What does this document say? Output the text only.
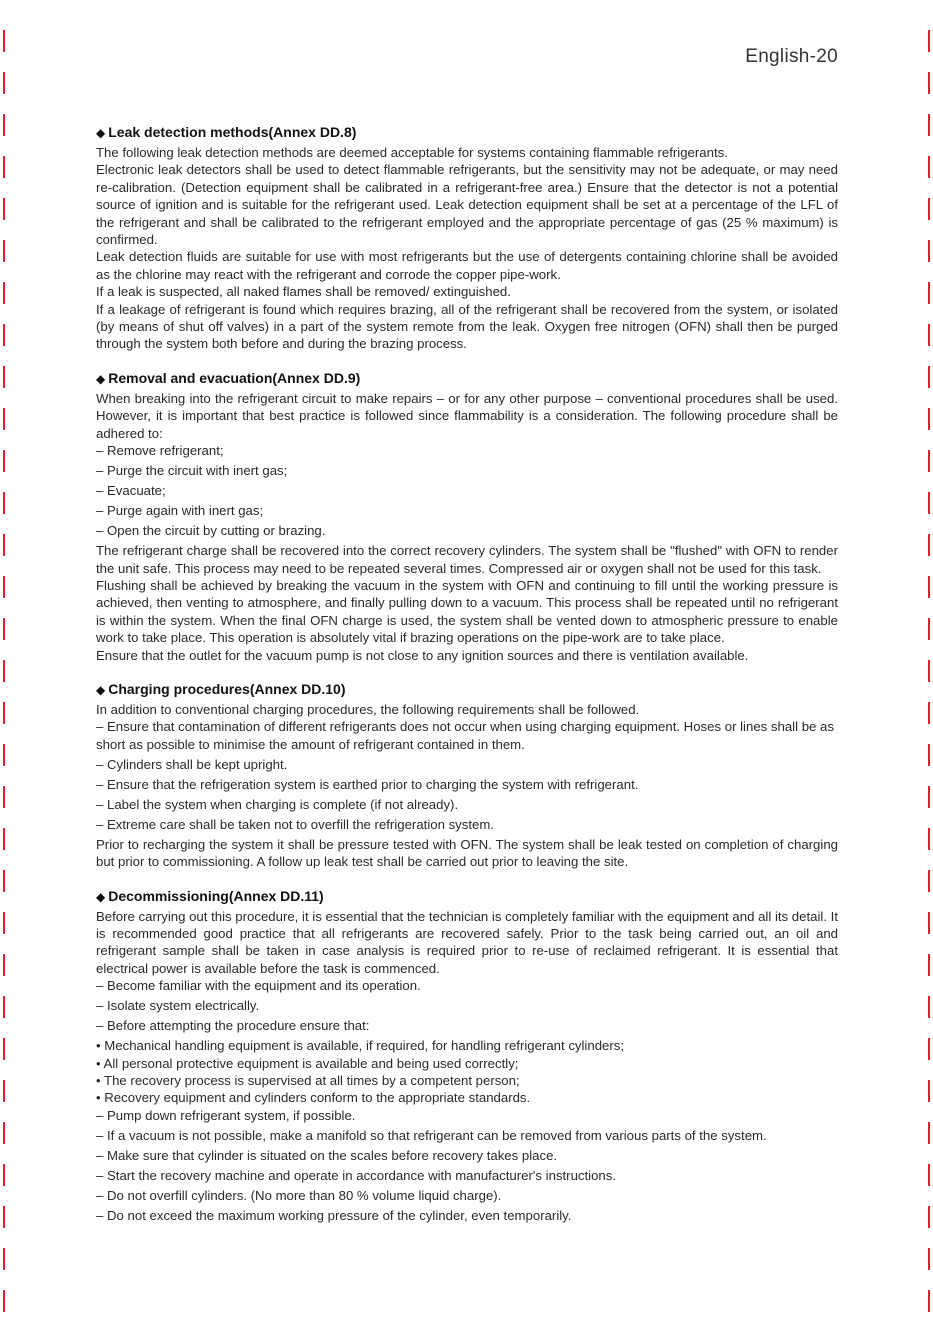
English-20
◆ Leak detection methods(Annex DD.8)

The following leak detection methods are deemed acceptable for systems containing flammable refrigerants.

Electronic leak detectors shall be used to detect flammable refrigerants, but the sensitivity may not be adequate, or may need re-calibration. (Detection equipment shall be calibrated in a refrigerant-free area.) Ensure that the detector is not a potential source of ignition and is suitable for the refrigerant used. Leak detection equipment shall be set at a percentage of the LFL of the refrigerant and shall be calibrated to the refrigerant employed and the appropriate percentage of gas (25 % maximum) is confirmed.

Leak detection fluids are suitable for use with most refrigerants but the use of detergents containing chlorine shall be avoided as the chlorine may react with the refrigerant and corrode the copper pipe-work.

If a leak is suspected, all naked flames shall be removed/ extinguished.

If a leakage of refrigerant is found which requires brazing, all of the refrigerant shall be recovered from the system, or isolated (by means of shut off valves) in a part of the system remote from the leak. Oxygen free nitrogen (OFN) shall then be purged through the system both before and during the brazing process.

◆ Removal and evacuation(Annex DD.9)

When breaking into the refrigerant circuit to make repairs – or for any other purpose – conventional procedures shall be used. However, it is important that best practice is followed since flammability is a consideration. The following procedure shall be adhered to:

– Remove refrigerant;

– Purge the circuit with inert gas;

– Evacuate;

– Purge again with inert gas;

– Open the circuit by cutting or brazing.

The refrigerant charge shall be recovered into the correct recovery cylinders. The system shall be "flushed" with OFN to render the unit safe. This process may need to be repeated several times. Compressed air or oxygen shall not be used for this task.

Flushing shall be achieved by breaking the vacuum in the system with OFN and continuing to fill until the working pressure is achieved, then venting to atmosphere, and finally pulling down to a vacuum. This process shall be repeated until no refrigerant is within the system. When the final OFN charge is used, the system shall be vented down to atmospheric pressure to enable work to take place. This operation is absolutely vital if brazing operations on the pipe-work are to take place.

Ensure that the outlet for the vacuum pump is not close to any ignition sources and there is ventilation available.

◆ Charging procedures(Annex DD.10)

In addition to conventional charging procedures, the following requirements shall be followed.

– Ensure that contamination of different refrigerants does not occur when using charging equipment. Hoses or lines shall be as short as possible to minimise the amount of refrigerant contained in them.

– Cylinders shall be kept upright.

– Ensure that the refrigeration system is earthed prior to charging the system with refrigerant.

– Label the system when charging is complete (if not already).

– Extreme care shall be taken not to overfill the refrigeration system.

Prior to recharging the system it shall be pressure tested with OFN. The system shall be leak tested on completion of charging but prior to commissioning. A follow up leak test shall be carried out prior to leaving the site.

◆ Decommissioning(Annex DD.11)

Before carrying out this procedure, it is essential that the technician is completely familiar with the equipment and all its detail. It is recommended good practice that all refrigerants are recovered safely. Prior to the task being carried out, an oil and refrigerant sample shall be taken in case analysis is required prior to re-use of reclaimed refrigerant. It is essential that electrical power is available before the task is commenced.

– Become familiar with the equipment and its operation.

– Isolate system electrically.

– Before attempting the procedure ensure that:

• Mechanical handling equipment is available, if required, for handling refrigerant cylinders;

• All personal protective equipment is available and being used correctly;

• The recovery process is supervised at all times by a competent person;

• Recovery equipment and cylinders conform to the appropriate standards.

– Pump down refrigerant system, if possible.

– If a vacuum is not possible, make a manifold so that refrigerant can be removed from various parts of the system.

– Make sure that cylinder is situated on the scales before recovery takes place.

– Start the recovery machine and operate in accordance with manufacturer's instructions.

– Do not overfill cylinders. (No more than 80 % volume liquid charge).

– Do not exceed the maximum working pressure of the cylinder, even temporarily.
